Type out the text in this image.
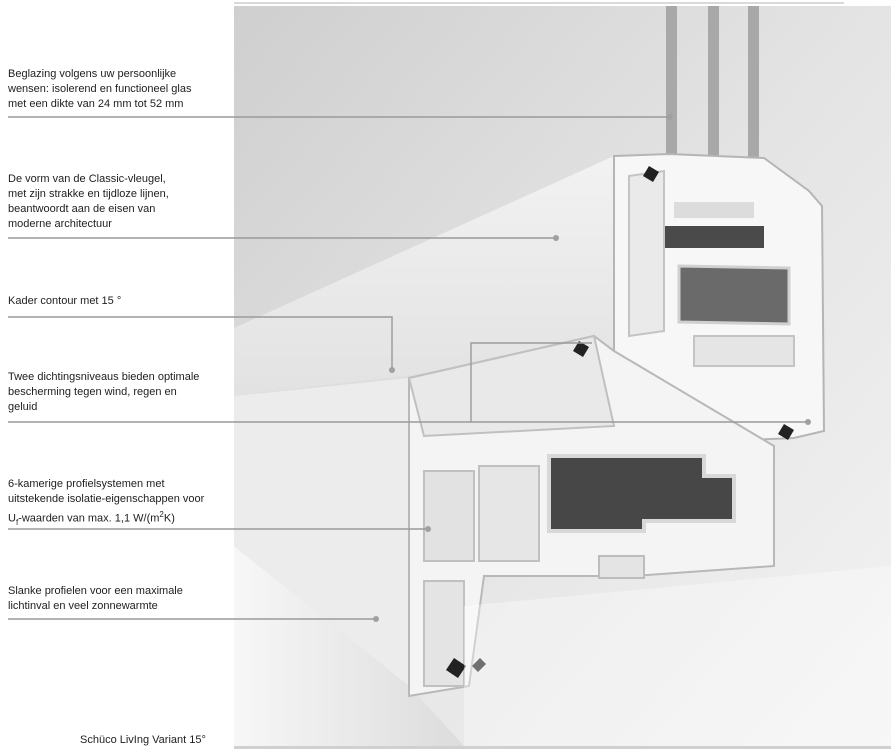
Beglazing volgens uw persoonlijke
wensen: isolerend en functioneel glas
met een dikte van 24 mm tot 52 mm
De vorm van de Classic-vleugel,
met zijn strakke en tijdloze lijnen,
beantwoordt aan de eisen van
moderne architectuur
Kader contour met 15 °
Twee dichtingsniveaus bieden optimale
bescherming tegen wind, regen en
geluid
6-kamerige profielsystemen met
uitstekende isolatie-eigenschappen voor
$U_f$-waarden van max. 1,1 $W/(m^2K)$
Slanke profielen voor een maximale
lichtinval en veel zonnewarmte
Schüco LivIng Variant 15°
